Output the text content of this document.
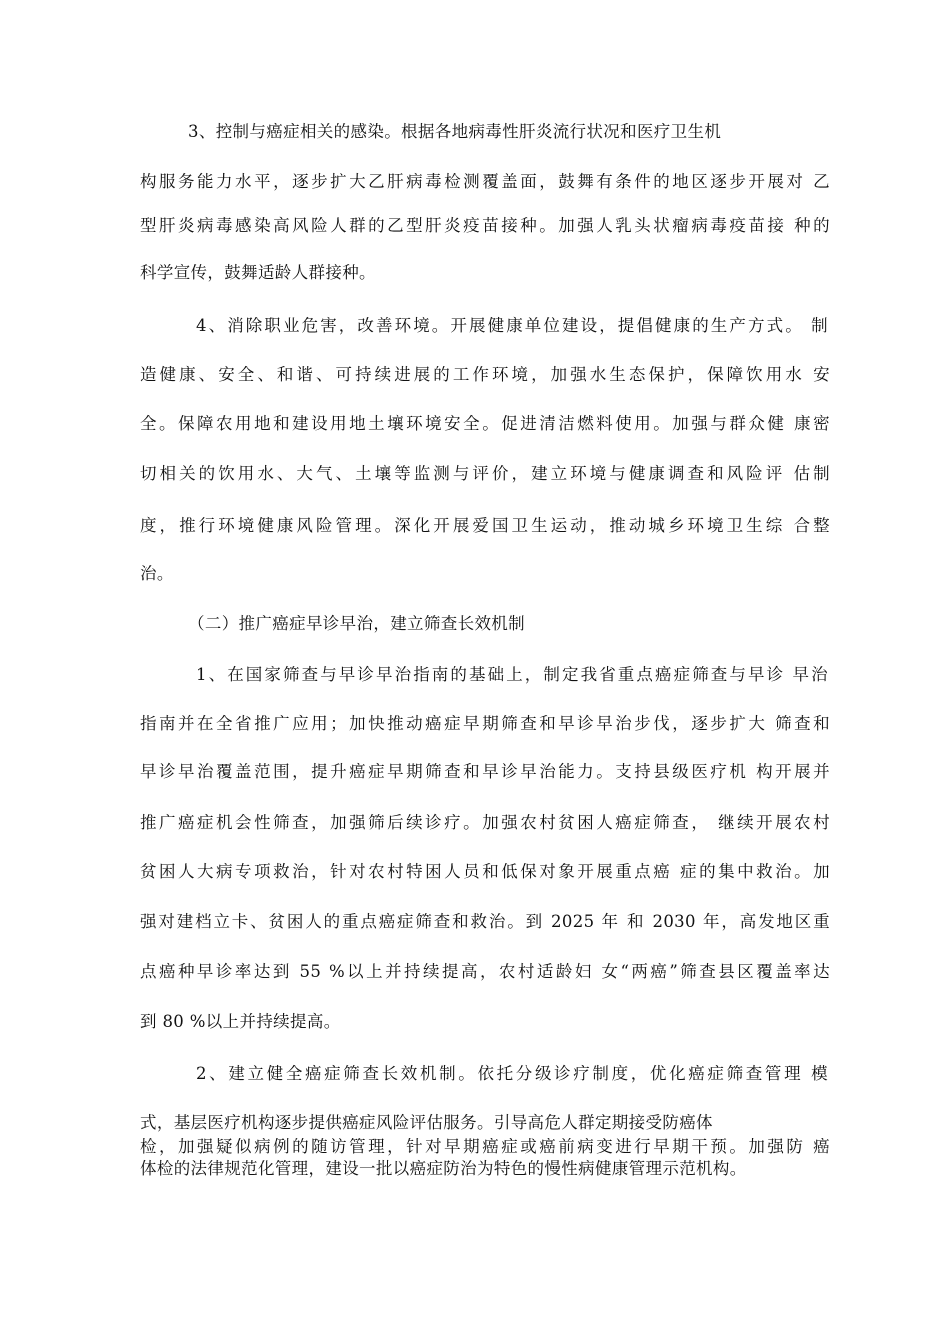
3、控制与癌症相关的感染。根据各地病毒性肝炎流行状况和医疗卫生机
构服务能力水平，逐步扩大乙肝病毒检测覆盖面，鼓舞有条件的地区逐步开展对 乙
型肝炎病毒感染高风险人群的乙型肝炎疫苗接种。加强人乳头状瘤病毒疫苗接 种的
科学宣传，鼓舞适龄人群接种。
4、消除职业危害，改善环境。开展健康单位建设，提倡健康的生产方式。 制
造健康、安全、和谐、可持续进展的工作环境，加强水生态保护，保障饮用水 安
全。保障农用地和建设用地土壤环境安全。促进清洁燃料使用。加强与群众健 康密
切相关的饮用水、大气、土壤等监测与评价，建立环境与健康调查和风险评 估制
度，推行环境健康风险管理。深化开展爱国卫生运动，推动城乡环境卫生综 合整
治。
（二）推广癌症早诊早治，建立筛查长效机制
1、在国家筛查与早诊早治指南的基础上，制定我省重点癌症筛查与早诊 早治
指南并在全省推广应用；加快推动癌症早期筛查和早诊早治步伐，逐步扩大 筛查和
早诊早治覆盖范围，提升癌症早期筛查和早诊早治能力。支持县级医疗机 构开展并
推广癌症机会性筛查，加强筛后续诊疗。加强农村贫困人癌症筛查， 继续开展农村
贫困人大病专项救治，针对农村特困人员和低保对象开展重点癌 症的集中救治。加
强对建档立卡、贫困人的重点癌症筛查和救治。到 2025 年 和 2030 年，高发地区重
点癌种早诊率达到 55 %以上并持续提高，农村适龄妇 女“两癌”筛查县区覆盖率达
到 80 %以上并持续提高。
2、建立健全癌症筛查长效机制。依托分级诊疗制度，优化癌症筛查管理 模
式，基层医疗机构逐步提供癌症风险评估服务。引导高危人群定期接受防癌体
检，加强疑似病例的随访管理，针对早期癌症或癌前病变进行早期干预。加强防 癌
体检的法律规范化管理，建设一批以癌症防治为特色的慢性病健康管理示范机构。
